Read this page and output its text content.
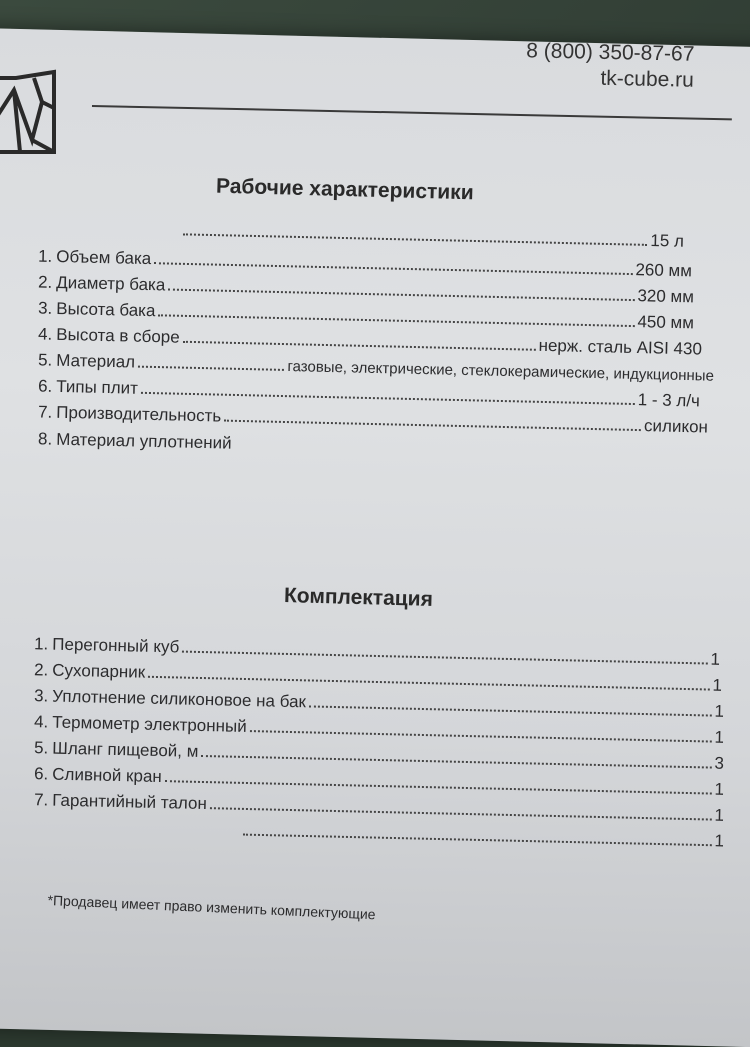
8 (800) 350-87-67
tk-cube.ru
Рабочие характеристики
15 л
1. Объем бака
260 мм
2. Диаметр бака
320 мм
3. Высота бака
450 мм
4. Высота в сборе
нерж. сталь AISI 430
5. Материал	газовые, электрические, стеклокерамические, индукционные
6. Типы плит
1 - 3 л/ч
7. Производительность
силикон
8. Материал уплотнений
Комплектация
1. Перегонный куб
1
2. Сухопарник
1
3. Уплотнение силиконовое на бак	1
4. Термометр электронный
1
5. Шланг пищевой, м
3
6. Сливной кран
1
7. Гарантийный талон
1
1
*Продавец имеет право изменить комплектующие
